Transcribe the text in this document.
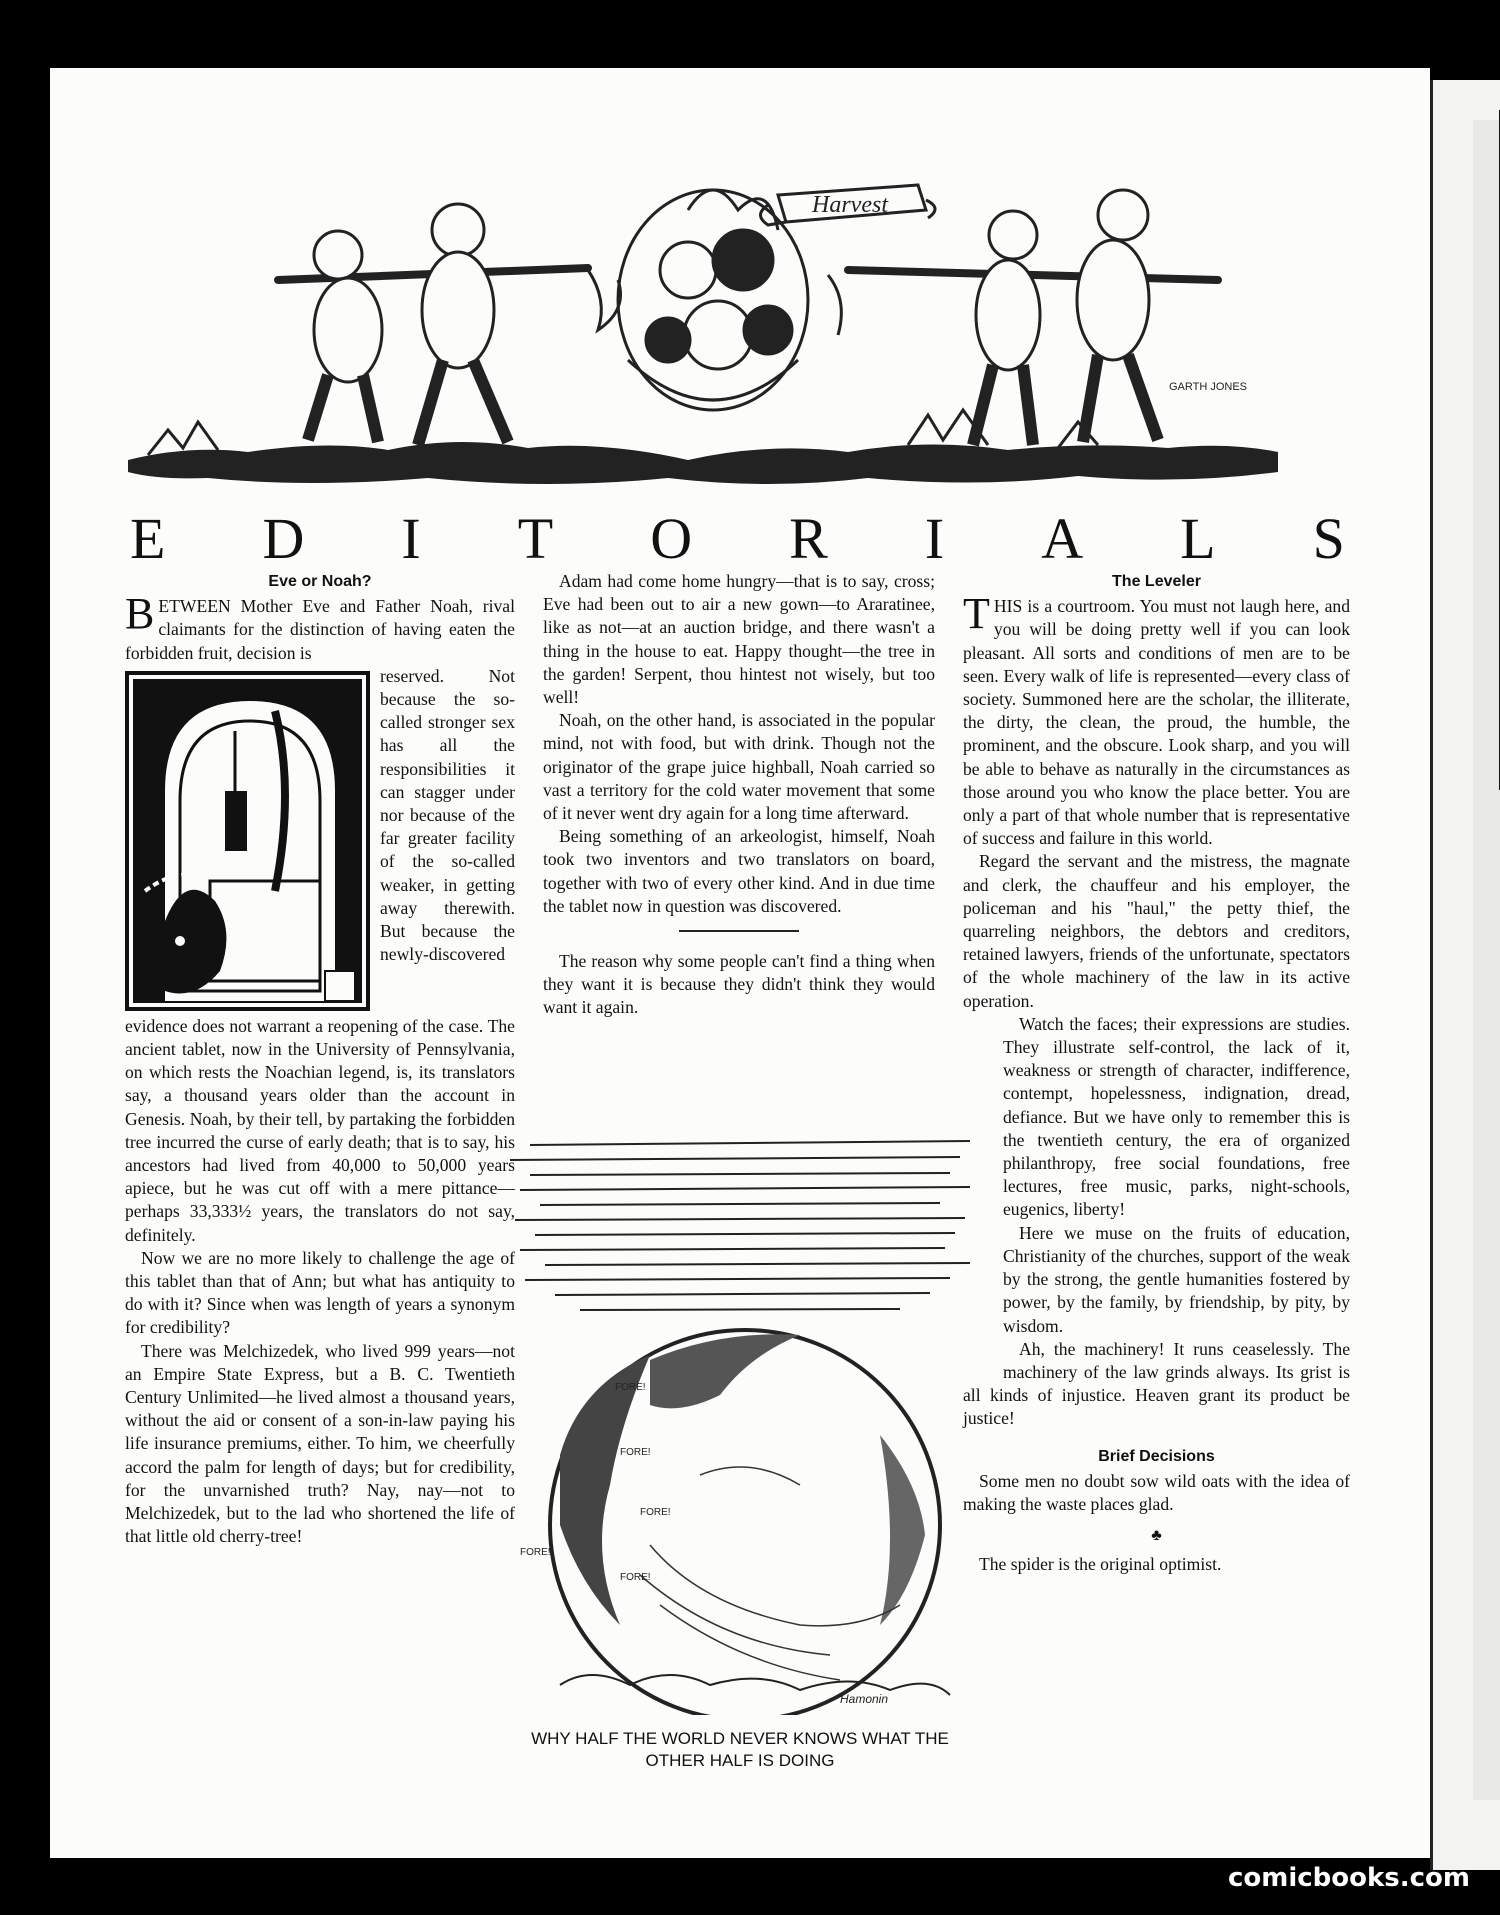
Harvest
GARTH JONES
E D I T O R I A L S
Eve or Noah?

BETWEEN Mother Eve and Father Noah, rival claimants for the distinction of having eaten the forbidden fruit, decision is

reserved. Not because the so-called stronger sex has all the responsibilities it can stagger under nor because of the far greater facility of the so-called weaker, in getting away therewith. But because the newly-discovered

evidence does not warrant a reopening of the case. The ancient tablet, now in the University of Pennsylvania, on which rests the Noachian legend, is, its translators say, a thousand years older than the account in Genesis. Noah, by their tell, by partaking the forbidden tree incurred the curse of early death; that is to say, his ancestors had lived from 40,000 to 50,000 years apiece, but he was cut off with a mere pittance—perhaps 33,333½ years, the translators do not say, definitely.

Now we are no more likely to challenge the age of this tablet than that of Ann; but what has antiquity to do with it? Since when was length of years a synonym for credibility?

There was Melchizedek, who lived 999 years—not an Empire State Express, but a B. C. Twentieth Century Unlimited—he lived almost a thousand years, without the aid or consent of a son-in-law paying his life insurance premiums, either. To him, we cheerfully accord the palm for length of days; but for credibility, for the unvarnished truth? Nay, nay—not to Melchizedek, but to the lad who shortened the life of that little old cherry-tree!

Adam had come home hungry—that is to say, cross; Eve had been out to air a new gown—to Araratinee, like as not—at an auction bridge, and there wasn't a thing in the house to eat. Happy thought—the tree in the garden! Serpent, thou hintest not wisely, but too well!

Noah, on the other hand, is associated in the popular mind, not with food, but with drink. Though not the originator of the grape juice highball, Noah carried so vast a territory for the cold water movement that some of it never went dry again for a long time afterward.

Being something of an arkeologist, himself, Noah took two inventors and two translators on board, together with two of every other kind. And in due time the tablet now in question was discovered.

The reason why some people can't find a thing when they want it is because they didn't think they would want it again.

FORE!
FORE!
FORE!
FORE!
FORE!
Hamonin
WHY HALF THE WORLD NEVER KNOWS WHAT THE OTHER HALF IS DOING
The Leveler

THIS is a courtroom. You must not laugh here, and you will be doing pretty well if you can look pleasant. All sorts and conditions of men are to be seen. Every walk of life is represented—every class of society. Summoned here are the scholar, the illiterate, the dirty, the clean, the proud, the humble, the prominent, and the obscure. Look sharp, and you will be able to behave as naturally in the circumstances as those around you who know the place better. You are only a part of that whole number that is representative of success and failure in this world.

Regard the servant and the mistress, the magnate and clerk, the chauffeur and his employer, the policeman and his "haul," the petty thief, the quarreling neighbors, the debtors and creditors, retained lawyers, friends of the unfortunate, spectators of the whole machinery of the law in its active operation.

Watch the faces; their expressions are studies. They illustrate self-control, the lack of it, weakness or strength of character, indifference, contempt, hopelessness, indignation, dread, defiance. But we have only to remember this is the twentieth century, the era of organized philanthropy, free social foundations, free lectures, free music, parks, night-schools, eugenics, liberty!

Here we muse on the fruits of education, Christianity of the churches, support of the weak by the strong, the gentle humanities fostered by power, by the family, by friendship, by pity, by wisdom.

Ah, the machinery! It runs ceaselessly. The machinery of the law grinds always. Its grist is all kinds of injustice. Heaven grant its product be justice!

Brief Decisions

Some men no doubt sow wild oats with the idea of making the waste places glad.

♣

The spider is the original optimist.

comicbooks.com
